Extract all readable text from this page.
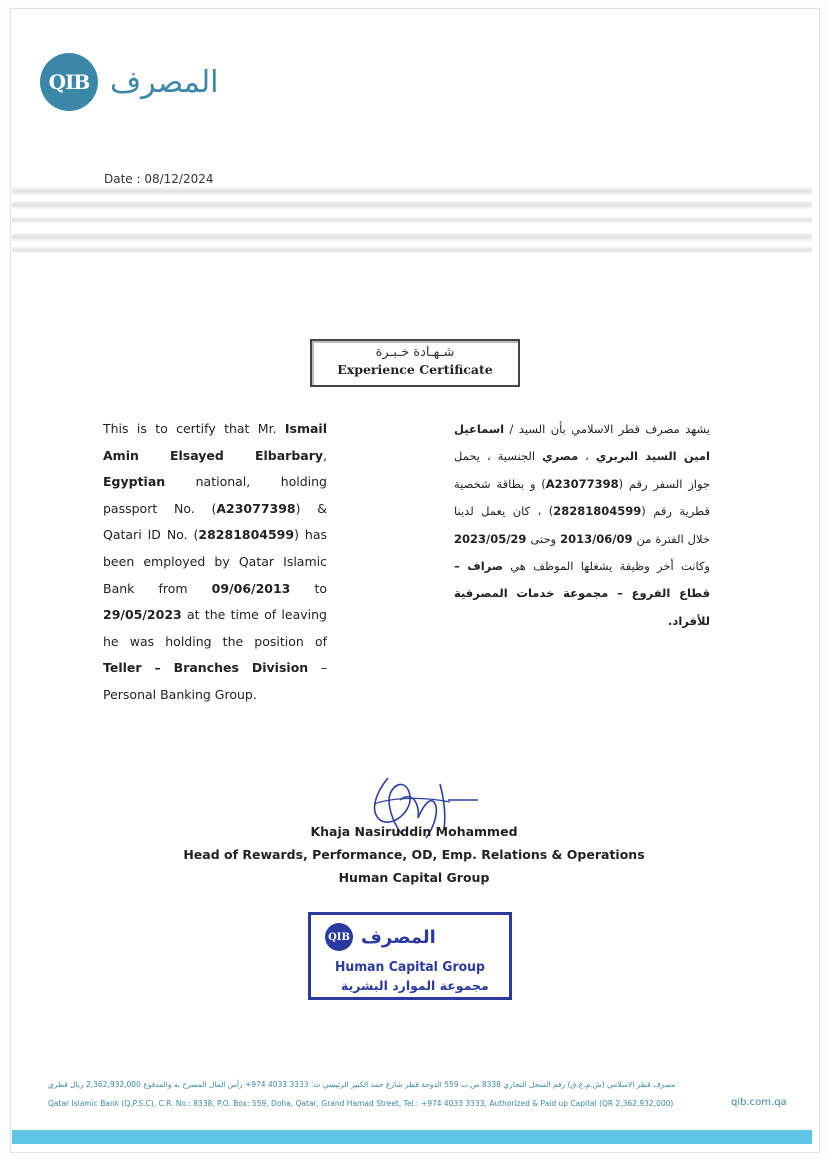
QIB المصرف
Date : 08/12/2024
شـهـادة خـبـرة
Experience Certificate
This is to certify that Mr. Ismail Amin Elsayed Elbarbary, Egyptian national, holding passport No. (A23077398) & Qatari ID No. (28281804599) has been employed by Qatar Islamic Bank from 09/06/2013 to 29/05/2023 at the time of leaving he was holding the position of Teller – Branches Division – Personal Banking Group.
يشهد مصرف قطر الاسلامي بأن السيد / اسماعيل امين السيد البربري ، مصري الجنسية ، يحمل جواز السفر رقم (A23077398) و بطاقة شخصية قطرية رقم (28281804599) ، كان يعمل لدينا خلال الفترة من 2013/06/09 وحتى 2023/05/29 وكانت أخر وظيفة يشغلها الموظف هي صراف – قطاع الفروع – مجموعة خدمات المصرفية للأفراد.
Khaja Nasiruddin Mohammed
Head of Rewards, Performance, OD, Emp. Relations & Operations
Human Capital Group
QIB المصرف
Human Capital Group
مجموعة الموارد البشرية
مصرف قطر الاسلامي (ش.م.ع.ق) رقم السجل التجاري 8338 ص.ب 559 الدوحة قطر شارع حمد الكبير الرئيسي ت: 3333 4033 974+ رأس المال المصرح به والمدفوع 2,362,932,000 ريال قطري
Qatar Islamic Bank (Q.P.S.C), C.R. No.: 8338, P.O. Box: 559, Doha, Qatar, Grand Hamad Street, Tel.: +974 4033 3333, Authorized & Paid up Capital (QR 2,362,932,000)	qib.com.qa
